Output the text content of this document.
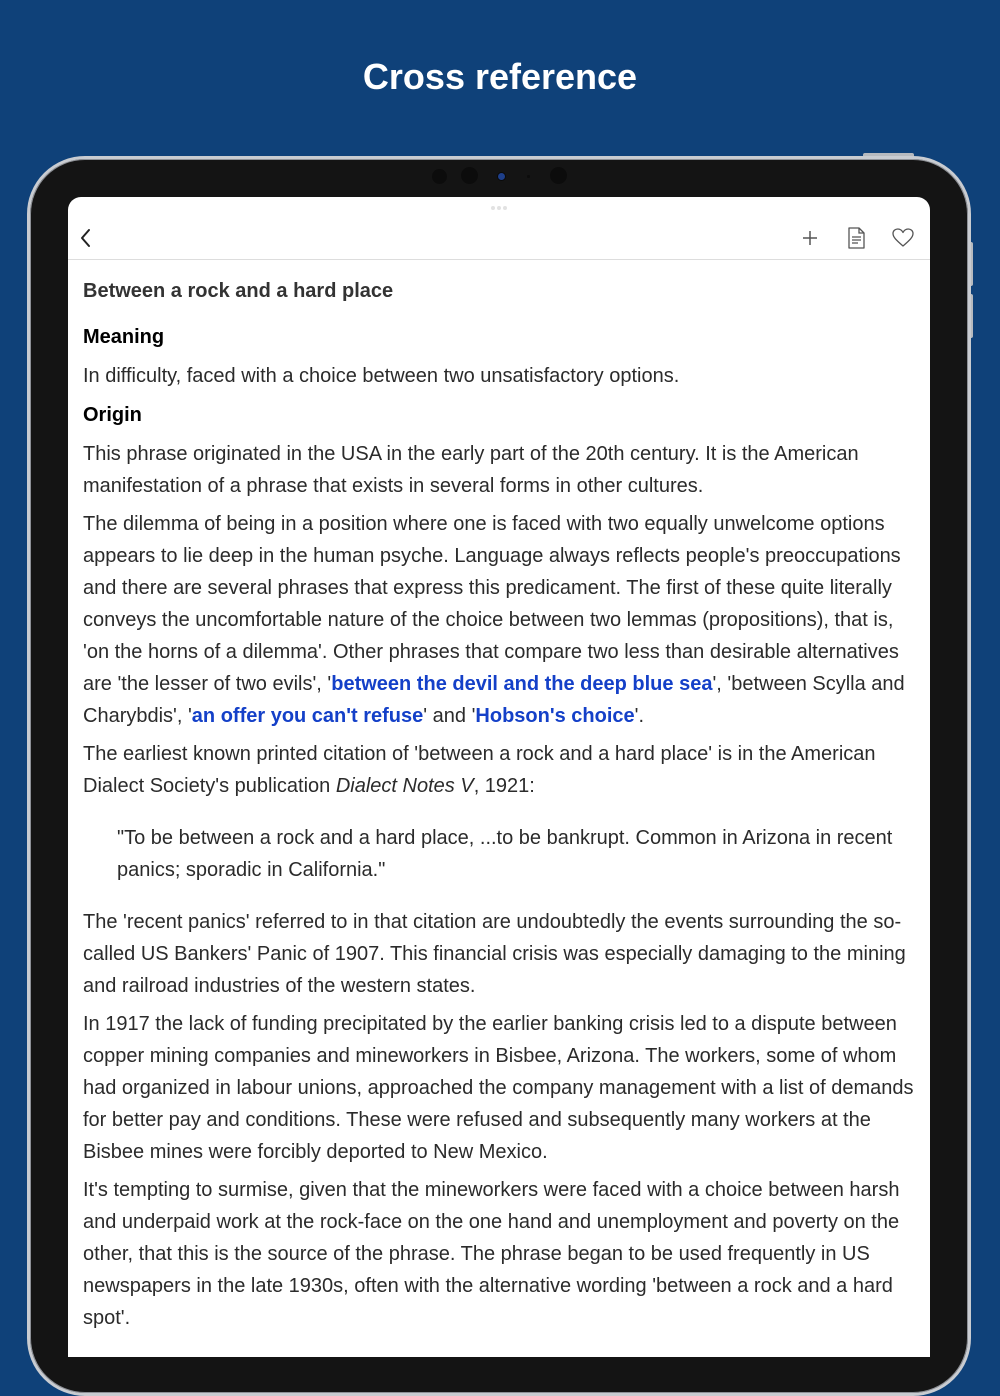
Cross reference
Between a rock and a hard place
Meaning

In difficulty, faced with a choice between two unsatisfactory options.

Origin

This phrase originated in the USA in the early part of the 20th century. It is the American manifestation of a phrase that exists in several forms in other cultures.

The dilemma of being in a position where one is faced with two equally unwelcome options appears to lie deep in the human psyche. Language always reflects people's preoccupations and there are several phrases that express this predicament. The first of these quite literally conveys the uncomfortable nature of the choice between two lemmas (propositions), that is, 'on the horns of a dilemma'. Other phrases that compare two less than desirable alternatives are 'the lesser of two evils', 'between the devil and the deep blue sea', 'between Scylla and Charybdis', 'an offer you can't refuse' and 'Hobson's choice'.

The earliest known printed citation of 'between a rock and a hard place' is in the American Dialect Society's publication Dialect Notes V, 1921:

"To be between a rock and a hard place, ...to be bankrupt. Common in Arizona in recent panics; sporadic in California."

The 'recent panics' referred to in that citation are undoubtedly the events surrounding the so-called US Bankers' Panic of 1907. This financial crisis was especially damaging to the mining and railroad industries of the western states.

In 1917 the lack of funding precipitated by the earlier banking crisis led to a dispute between copper mining companies and mineworkers in Bisbee, Arizona. The workers, some of whom had organized in labour unions, approached the company management with a list of demands for better pay and conditions. These were refused and subsequently many workers at the Bisbee mines were forcibly deported to New Mexico.

It's tempting to surmise, given that the mineworkers were faced with a choice between harsh and underpaid work at the rock-face on the one hand and unemployment and poverty on the other, that this is the source of the phrase. The phrase began to be used frequently in US newspapers in the late 1930s, often with the alternative wording 'between a rock and a hard spot'.
